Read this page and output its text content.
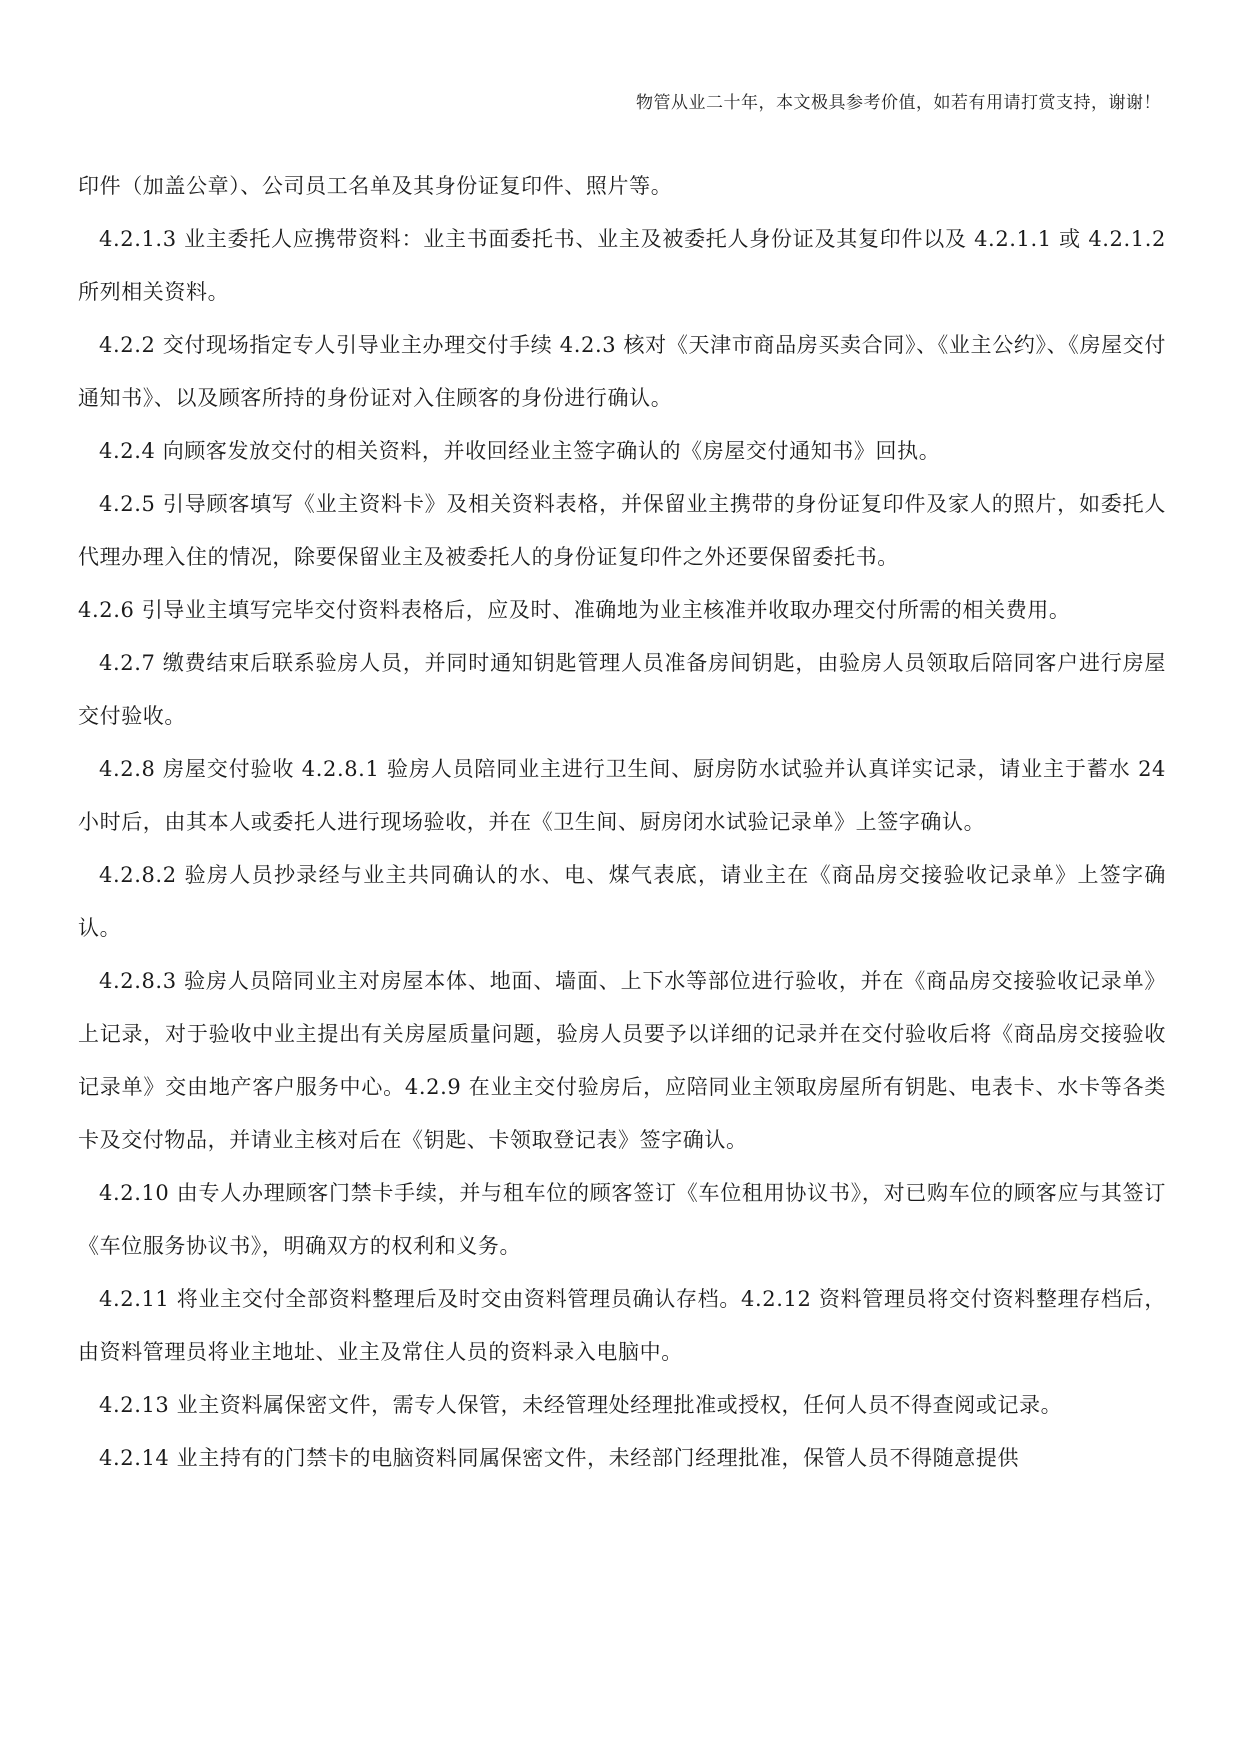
物管从业二十年，本文极具参考价值，如若有用请打赏支持，谢谢！

印件（加盖公章）、公司员工名单及其身份证复印件、照片等。

4.2.1.3 业主委托人应携带资料：业主书面委托书、业主及被委托人身份证及其复印件以及 4.2.1.1 或 4.2.1.2 所列相关资料。

4.2.2 交付现场指定专人引导业主办理交付手续 4.2.3 核对《天津市商品房买卖合同》、《业主公约》、《房屋交付通知书》、以及顾客所持的身份证对入住顾客的身份进行确认。

4.2.4 向顾客发放交付的相关资料，并收回经业主签字确认的《房屋交付通知书》回执。

4.2.5 引导顾客填写《业主资料卡》及相关资料表格，并保留业主携带的身份证复印件及家人的照片，如委托人代理办理入住的情况，除要保留业主及被委托人的身份证复印件之外还要保留委托书。

4.2.6 引导业主填写完毕交付资料表格后，应及时、准确地为业主核准并收取办理交付所需的相关费用。

4.2.7 缴费结束后联系验房人员，并同时通知钥匙管理人员准备房间钥匙，由验房人员领取后陪同客户进行房屋交付验收。

4.2.8 房屋交付验收 4.2.8.1 验房人员陪同业主进行卫生间、厨房防水试验并认真详实记录，请业主于蓄水 24 小时后，由其本人或委托人进行现场验收，并在《卫生间、厨房闭水试验记录单》上签字确认。

4.2.8.2 验房人员抄录经与业主共同确认的水、电、煤气表底，请业主在《商品房交接验收记录单》上签字确认。

4.2.8.3 验房人员陪同业主对房屋本体、地面、墙面、上下水等部位进行验收，并在《商品房交接验收记录单》上记录，对于验收中业主提出有关房屋质量问题，验房人员要予以详细的记录并在交付验收后将《商品房交接验收记录单》交由地产客户服务中心。4.2.9 在业主交付验房后，应陪同业主领取房屋所有钥匙、电表卡、水卡等各类卡及交付物品，并请业主核对后在《钥匙、卡领取登记表》签字确认。

4.2.10 由专人办理顾客门禁卡手续，并与租车位的顾客签订《车位租用协议书》，对已购车位的顾客应与其签订《车位服务协议书》，明确双方的权利和义务。

4.2.11 将业主交付全部资料整理后及时交由资料管理员确认存档。4.2.12 资料管理员将交付资料整理存档后，由资料管理员将业主地址、业主及常住人员的资料录入电脑中。

4.2.13 业主资料属保密文件，需专人保管，未经管理处经理批准或授权，任何人员不得查阅或记录。

4.2.14 业主持有的门禁卡的电脑资料同属保密文件，未经部门经理批准，保管人员不得随意提供
